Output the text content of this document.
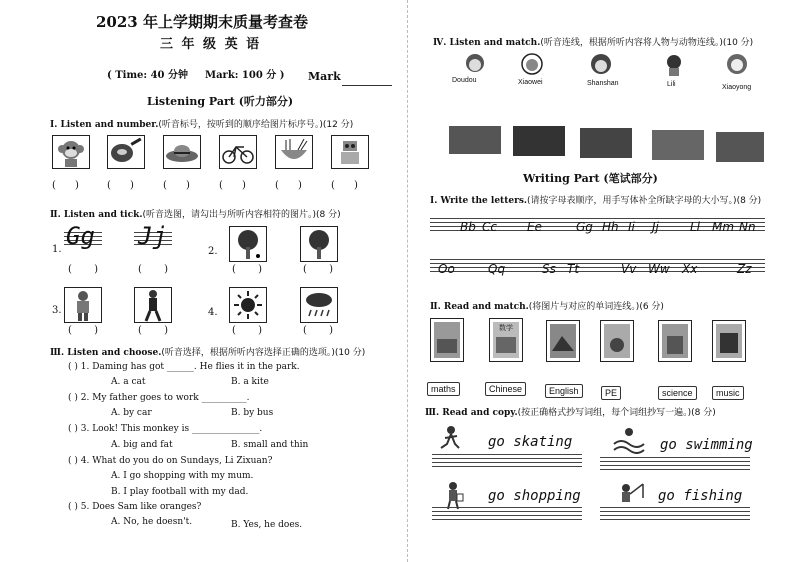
2023 年上学期期末质量考查卷
三 年 级 英 语
( Time: 40 分钟 Mark: 100 分 ) Mark
Listening Part (听力部分)
Ⅰ. Listen and number.(听音标号，按听到的顺序给图片标序号。)(12 分)
(      )	(      )	(      )	(      )	(      )	(      )
Ⅱ. Listen and tick.(听音选图，请勾出与所听内容相符的图片。)(8 分)
1. Gg Jj
(       )	(       )
2.
(       )	(       )
3.
(       )	(       )
4.
(       )	(       )
Ⅲ. Listen and choose.(听音选择，根据所听内容选择正确的选项。)(10 分)
( ) 1. Daming has got ______. He flies it in the park.
A. a cat	B. a kite
( ) 2. My father goes to work __________.
A. by car	B. by bus
( ) 3. Look! This monkey is _______________.
A. big and fat	B. small and thin
( ) 4. What do you do on Sundays, Li Zixuan?
A. I go shopping with my mum.
B. I play football with my dad.
( ) 5. Does Sam like oranges?
A. No, he doesn't.	B. Yes, he does.
Ⅳ. Listen and match.(听音连线，根据所听内容将人物与动物连线。)(10 分)
Doudou	Xiaowei	Shanshan	Lili	Xiaoyong
Writing Part (笔试部分)
Ⅰ. Write the letters.(请按字母表顺序，用手写体补全所缺字母的大小写。)(8 分)
Bb Cc	Ee	Gg Hh Ii Jj	Ll Mm Nn
Oo	Qq	Ss Tt	Vv Ww Xx	Zz
Ⅱ. Read and match.(将图片与对应的单词连线。)(6 分)
数学
maths	Chinese	English	PE	science	music
Ⅲ. Read and copy.(按正确格式抄写词组，每个词组抄写一遍。)(8 分)
go skating	go swimming
go shopping	go fishing
